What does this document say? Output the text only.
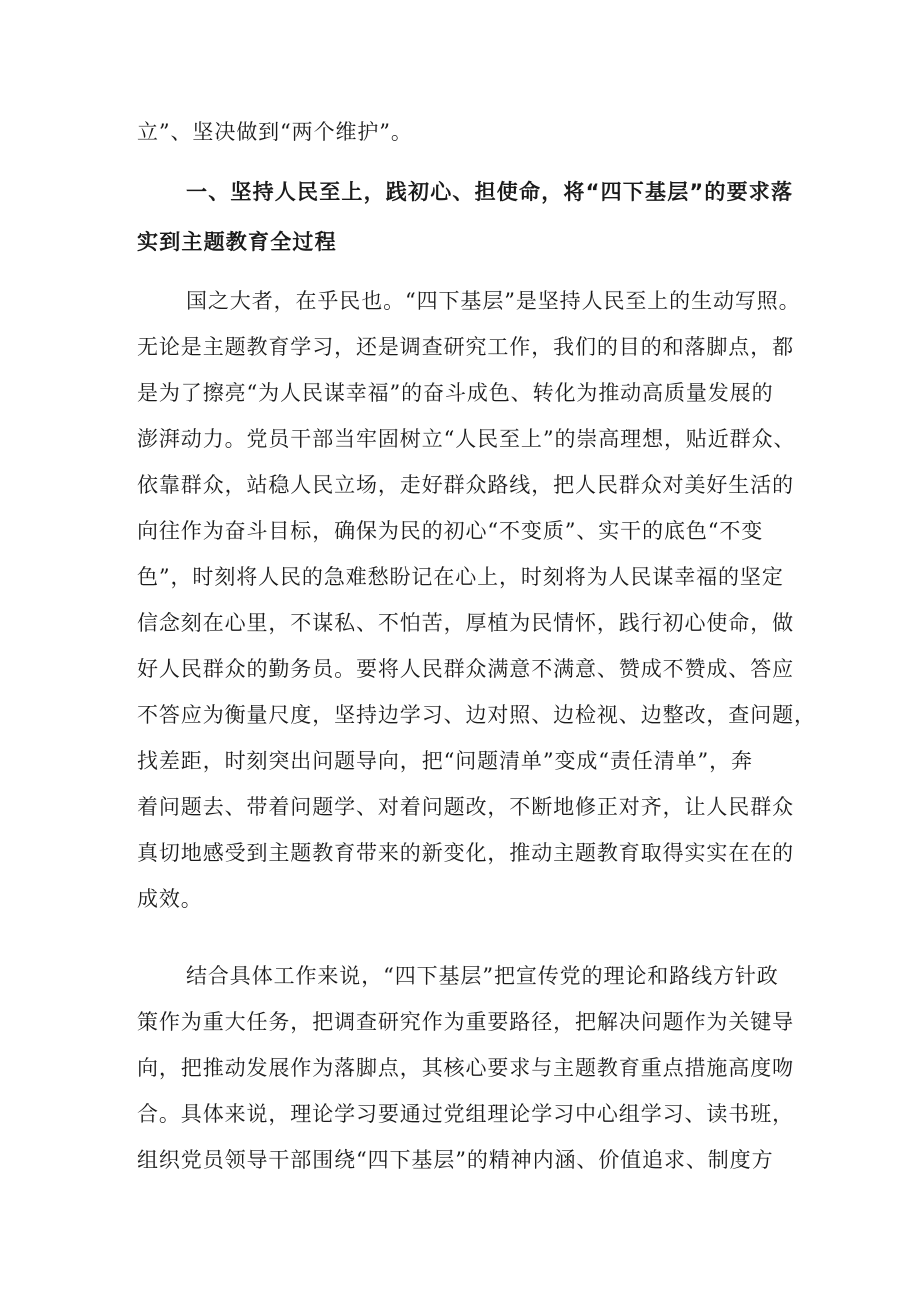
立”、坚决做到“两个维护”。
一、坚持人民至上，践初心、担使命，将“四下基层”的要求落
实到主题教育全过程
国之大者，在乎民也。“四下基层”是坚持人民至上的生动写照。
无论是主题教育学习，还是调查研究工作，我们的目的和落脚点，都
是为了擦亮“为人民谋幸福”的奋斗成色、转化为推动高质量发展的
澎湃动力。党员干部当牢固树立“人民至上”的崇高理想，贴近群众、
依靠群众，站稳人民立场，走好群众路线，把人民群众对美好生活的
向往作为奋斗目标，确保为民的初心“不变质”、实干的底色“不变
色”，时刻将人民的急难愁盼记在心上，时刻将为人民谋幸福的坚定
信念刻在心里，不谋私、不怕苦，厚植为民情怀，践行初心使命，做
好人民群众的勤务员。要将人民群众满意不满意、赞成不赞成、答应
不答应为衡量尺度，坚持边学习、边对照、边检视、边整改，查问题，
找差距，时刻突出问题导向，把“问题清单”变成“责任清单”，奔
着问题去、带着问题学、对着问题改，不断地修正对齐，让人民群众
真切地感受到主题教育带来的新变化，推动主题教育取得实实在在的
成效。
结合具体工作来说，“四下基层”把宣传党的理论和路线方针政
策作为重大任务，把调查研究作为重要路径，把解决问题作为关键导
向，把推动发展作为落脚点，其核心要求与主题教育重点措施高度吻
合。具体来说，理论学习要通过党组理论学习中心组学习、读书班，
组织党员领导干部围绕“四下基层”的精神内涵、价值追求、制度方
